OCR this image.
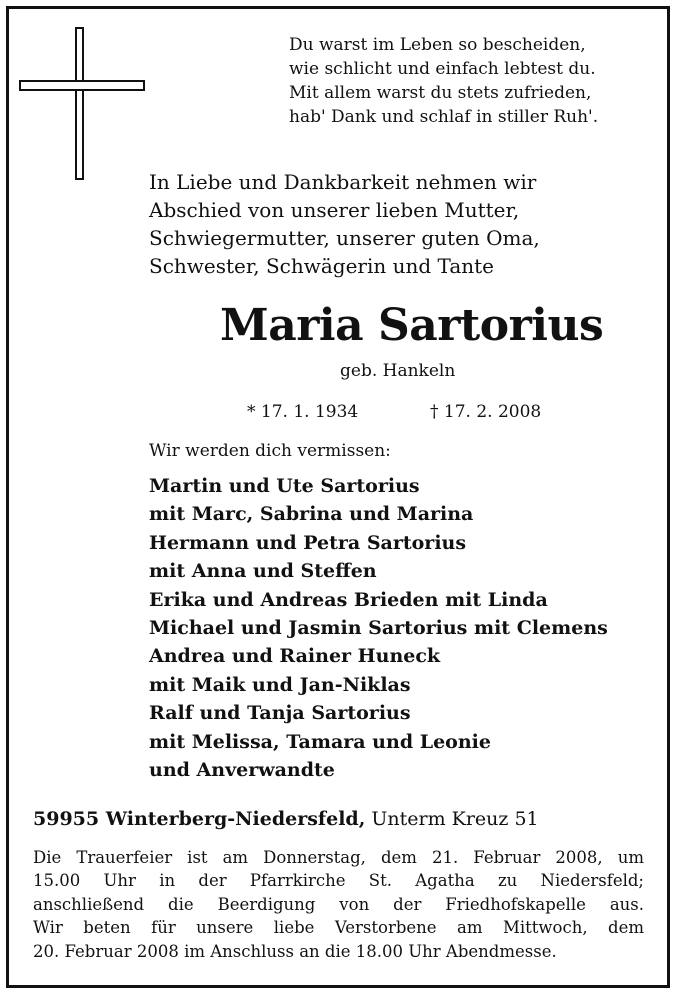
Du warst im Leben so bescheiden,
wie schlicht und einfach lebtest du.
Mit allem warst du stets zufrieden,
hab' Dank und schlaf in stiller Ruh'.
In Liebe und Dankbarkeit nehmen wir
Abschied von unserer lieben Mutter,
Schwiegermutter, unserer guten Oma,
Schwester, Schwägerin und Tante
Maria Sartorius
geb. Hankeln
* 17. 1. 1934	† 17. 2. 2008
Wir werden dich vermissen:
Martin und Ute Sartorius
mit Marc, Sabrina und Marina
Hermann und Petra Sartorius
mit Anna und Steffen
Erika und Andreas Brieden mit Linda
Michael und Jasmin Sartorius mit Clemens
Andrea und Rainer Huneck
mit Maik und Jan-Niklas
Ralf und Tanja Sartorius
mit Melissa, Tamara und Leonie
und Anverwandte
59955 Winterberg-Niedersfeld, Unterm Kreuz 51
Die Trauerfeier ist am Donnerstag, dem 21. Februar 2008, um
15.00 Uhr in der Pfarrkirche St. Agatha zu Niedersfeld;
anschließend die Beerdigung von der Friedhofskapelle aus.
Wir beten für unsere liebe Verstorbene am Mittwoch, dem
20. Februar 2008 im Anschluss an die 18.00 Uhr Abendmesse.
